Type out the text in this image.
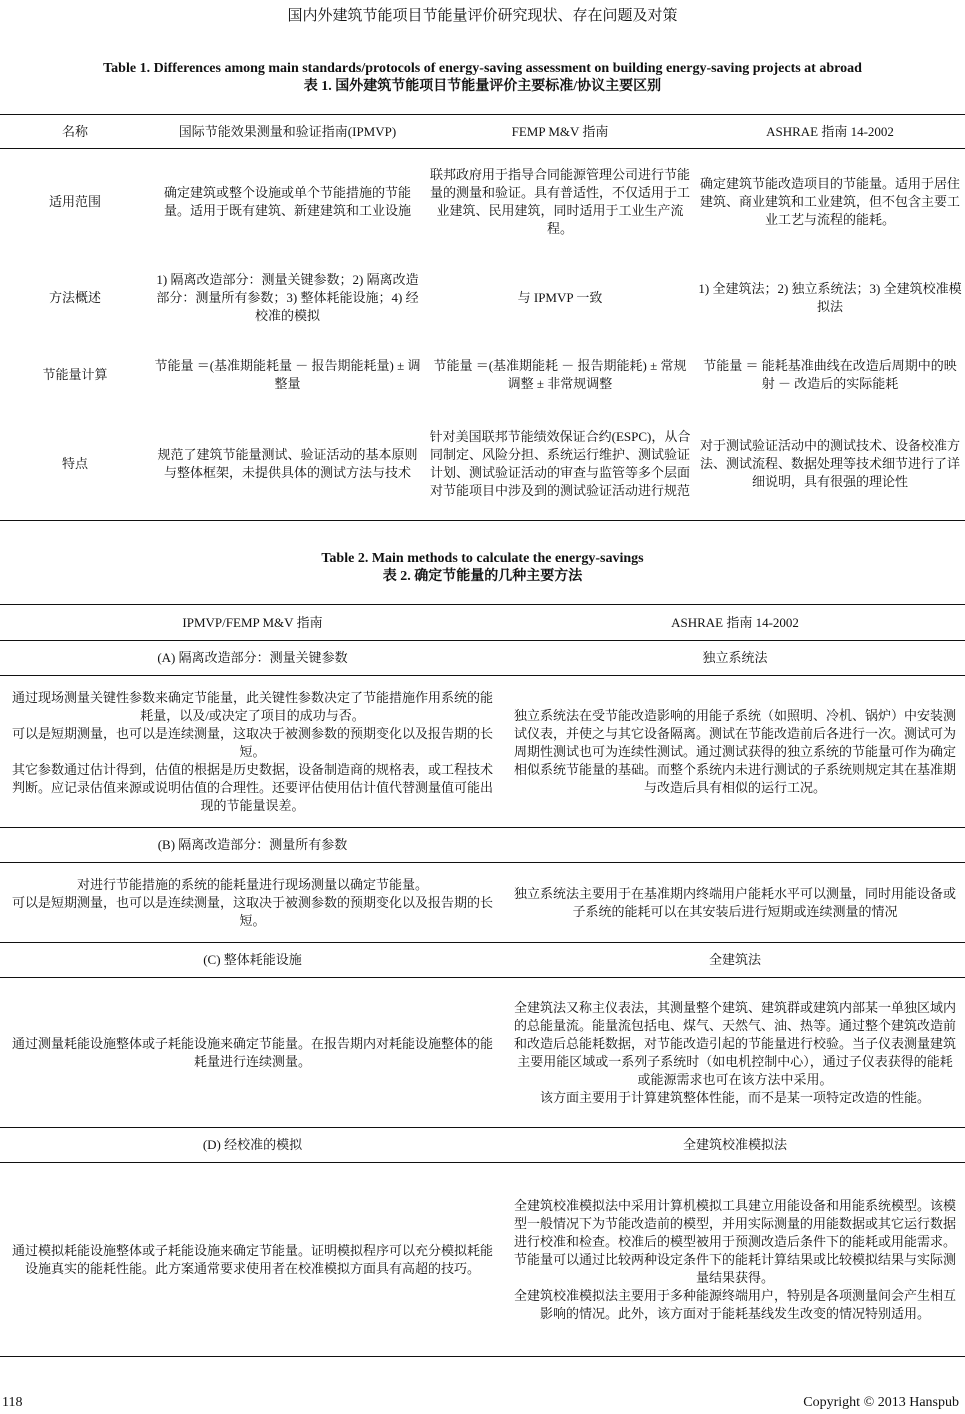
国内外建筑节能项目节能量评价研究现状、存在问题及对策
Table 1. Differences among main standards/protocols of energy-saving assessment on building energy-saving projects at abroad
表 1. 国外建筑节能项目节能量评价主要标准/协议主要区别
名称	国际节能效果测量和验证指南(IPMVP)	FEMP M&V 指南	ASHRAE 指南 14-2002
适用范围	确定建筑或整个设施或单个节能措施的节能量。适用于既有建筑、新建建筑和工业设施	联邦政府用于指导合同能源管理公司进行节能量的测量和验证。具有普适性，不仅适用于工业建筑、民用建筑，同时适用于工业生产流程。	确定建筑节能改造项目的节能量。适用于居住建筑、商业建筑和工业建筑，但不包含主要工业工艺与流程的能耗。
方法概述	1) 隔离改造部分：测量关键参数；2) 隔离改造部分：测量所有参数；3) 整体耗能设施；4) 经校准的模拟	与 IPMVP 一致	1) 全建筑法；2) 独立系统法；3) 全建筑校准模拟法
节能量计算	节能量 ＝(基准期能耗量 － 报告期能耗量) ± 调整量	节能量 ＝(基准期能耗 － 报告期能耗) ± 常规调整 ± 非常规调整	节能量 ＝ 能耗基准曲线在改造后周期中的映射 － 改造后的实际能耗
特点	规范了建筑节能量测试、验证活动的基本原则与整体框架，未提供具体的测试方法与技术	针对美国联邦节能绩效保证合约(ESPC)，从合同制定、风险分担、系统运行维护、测试验证计划、测试验证活动的审查与监管等多个层面对节能项目中涉及到的测试验证活动进行规范	对于测试验证活动中的测试技术、设备校准方法、测试流程、数据处理等技术细节进行了详细说明，具有很强的理论性
Table 2. Main methods to calculate the energy-savings
表 2. 确定节能量的几种主要方法
IPMVP/FEMP M&V 指南	ASHRAE 指南 14-2002
(A) 隔离改造部分：测量关键参数	独立系统法

通过现场测量关键性参数来确定节能量，此关键性参数决定了节能措施作用系统的能耗量，以及/或决定了项目的成功与否。

可以是短期测量，也可以是连续测量，这取决于被测参数的预期变化以及报告期的长短。

其它参数通过估计得到，估值的根据是历史数据，设备制造商的规格表，或工程技术判断。应记录估值来源或说明估值的合理性。还要评估使用估计值代替测量值可能出现的节能量误差。	独立系统法在受节能改造影响的用能子系统（如照明、冷机、锅炉）中安装测试仪表，并使之与其它设备隔离。测试在节能改造前后各进行一次。测试可为周期性测试也可为连续性测试。通过测试获得的独立系统的节能量可作为确定相似系统节能量的基础。而整个系统内未进行测试的子系统则规定其在基准期与改造后具有相似的运行工况。

(B) 隔离改造部分：测量所有参数	

对进行节能措施的系统的能耗量进行现场测量以确定节能量。

可以是短期测量，也可以是连续测量，这取决于被测参数的预期变化以及报告期的长短。	独立系统法主要用于在基准期内终端用户能耗水平可以测量，同时用能设备或子系统的能耗可以在其安装后进行短期或连续测量的情况

(C) 整体耗能设施	全建筑法

通过测量耗能设施整体或子耗能设施来确定节能量。在报告期内对耗能设施整体的能耗量进行连续测量。	全建筑法又称主仪表法，其测量整个建筑、建筑群或建筑内部某一单独区域内的总能量流。能量流包括电、煤气、天然气、油、热等。通过整个建筑改造前和改造后总能耗数据，对节能改造引起的节能量进行校验。当子仪表测量建筑主要用能区域或一系列子系统时（如电机控制中心），通过子仪表获得的能耗或能源需求也可在该方法中采用。

该方面主要用于计算建筑整体性能，而不是某一项特定改造的性能。

(D) 经校准的模拟	全建筑校准模拟法

通过模拟耗能设施整体或子耗能设施来确定节能量。证明模拟程序可以充分模拟耗能设施真实的能耗性能。此方案通常要求使用者在校准模拟方面具有高超的技巧。	全建筑校准模拟法中采用计算机模拟工具建立用能设备和用能系统模型。该模型一般情况下为节能改造前的模型，并用实际测量的用能数据或其它运行数据进行校准和检查。校准后的模型被用于预测改造后条件下的能耗或用能需求。节能量可以通过比较两种设定条件下的能耗计算结果或比较模拟结果与实际测量结果获得。

全建筑校准模拟法主要用于多种能源终端用户，特别是各项测量间会产生相互影响的情况。此外，该方面对于能耗基线发生改变的情况特别适用。

118	Copyright © 2013 Hanspub
